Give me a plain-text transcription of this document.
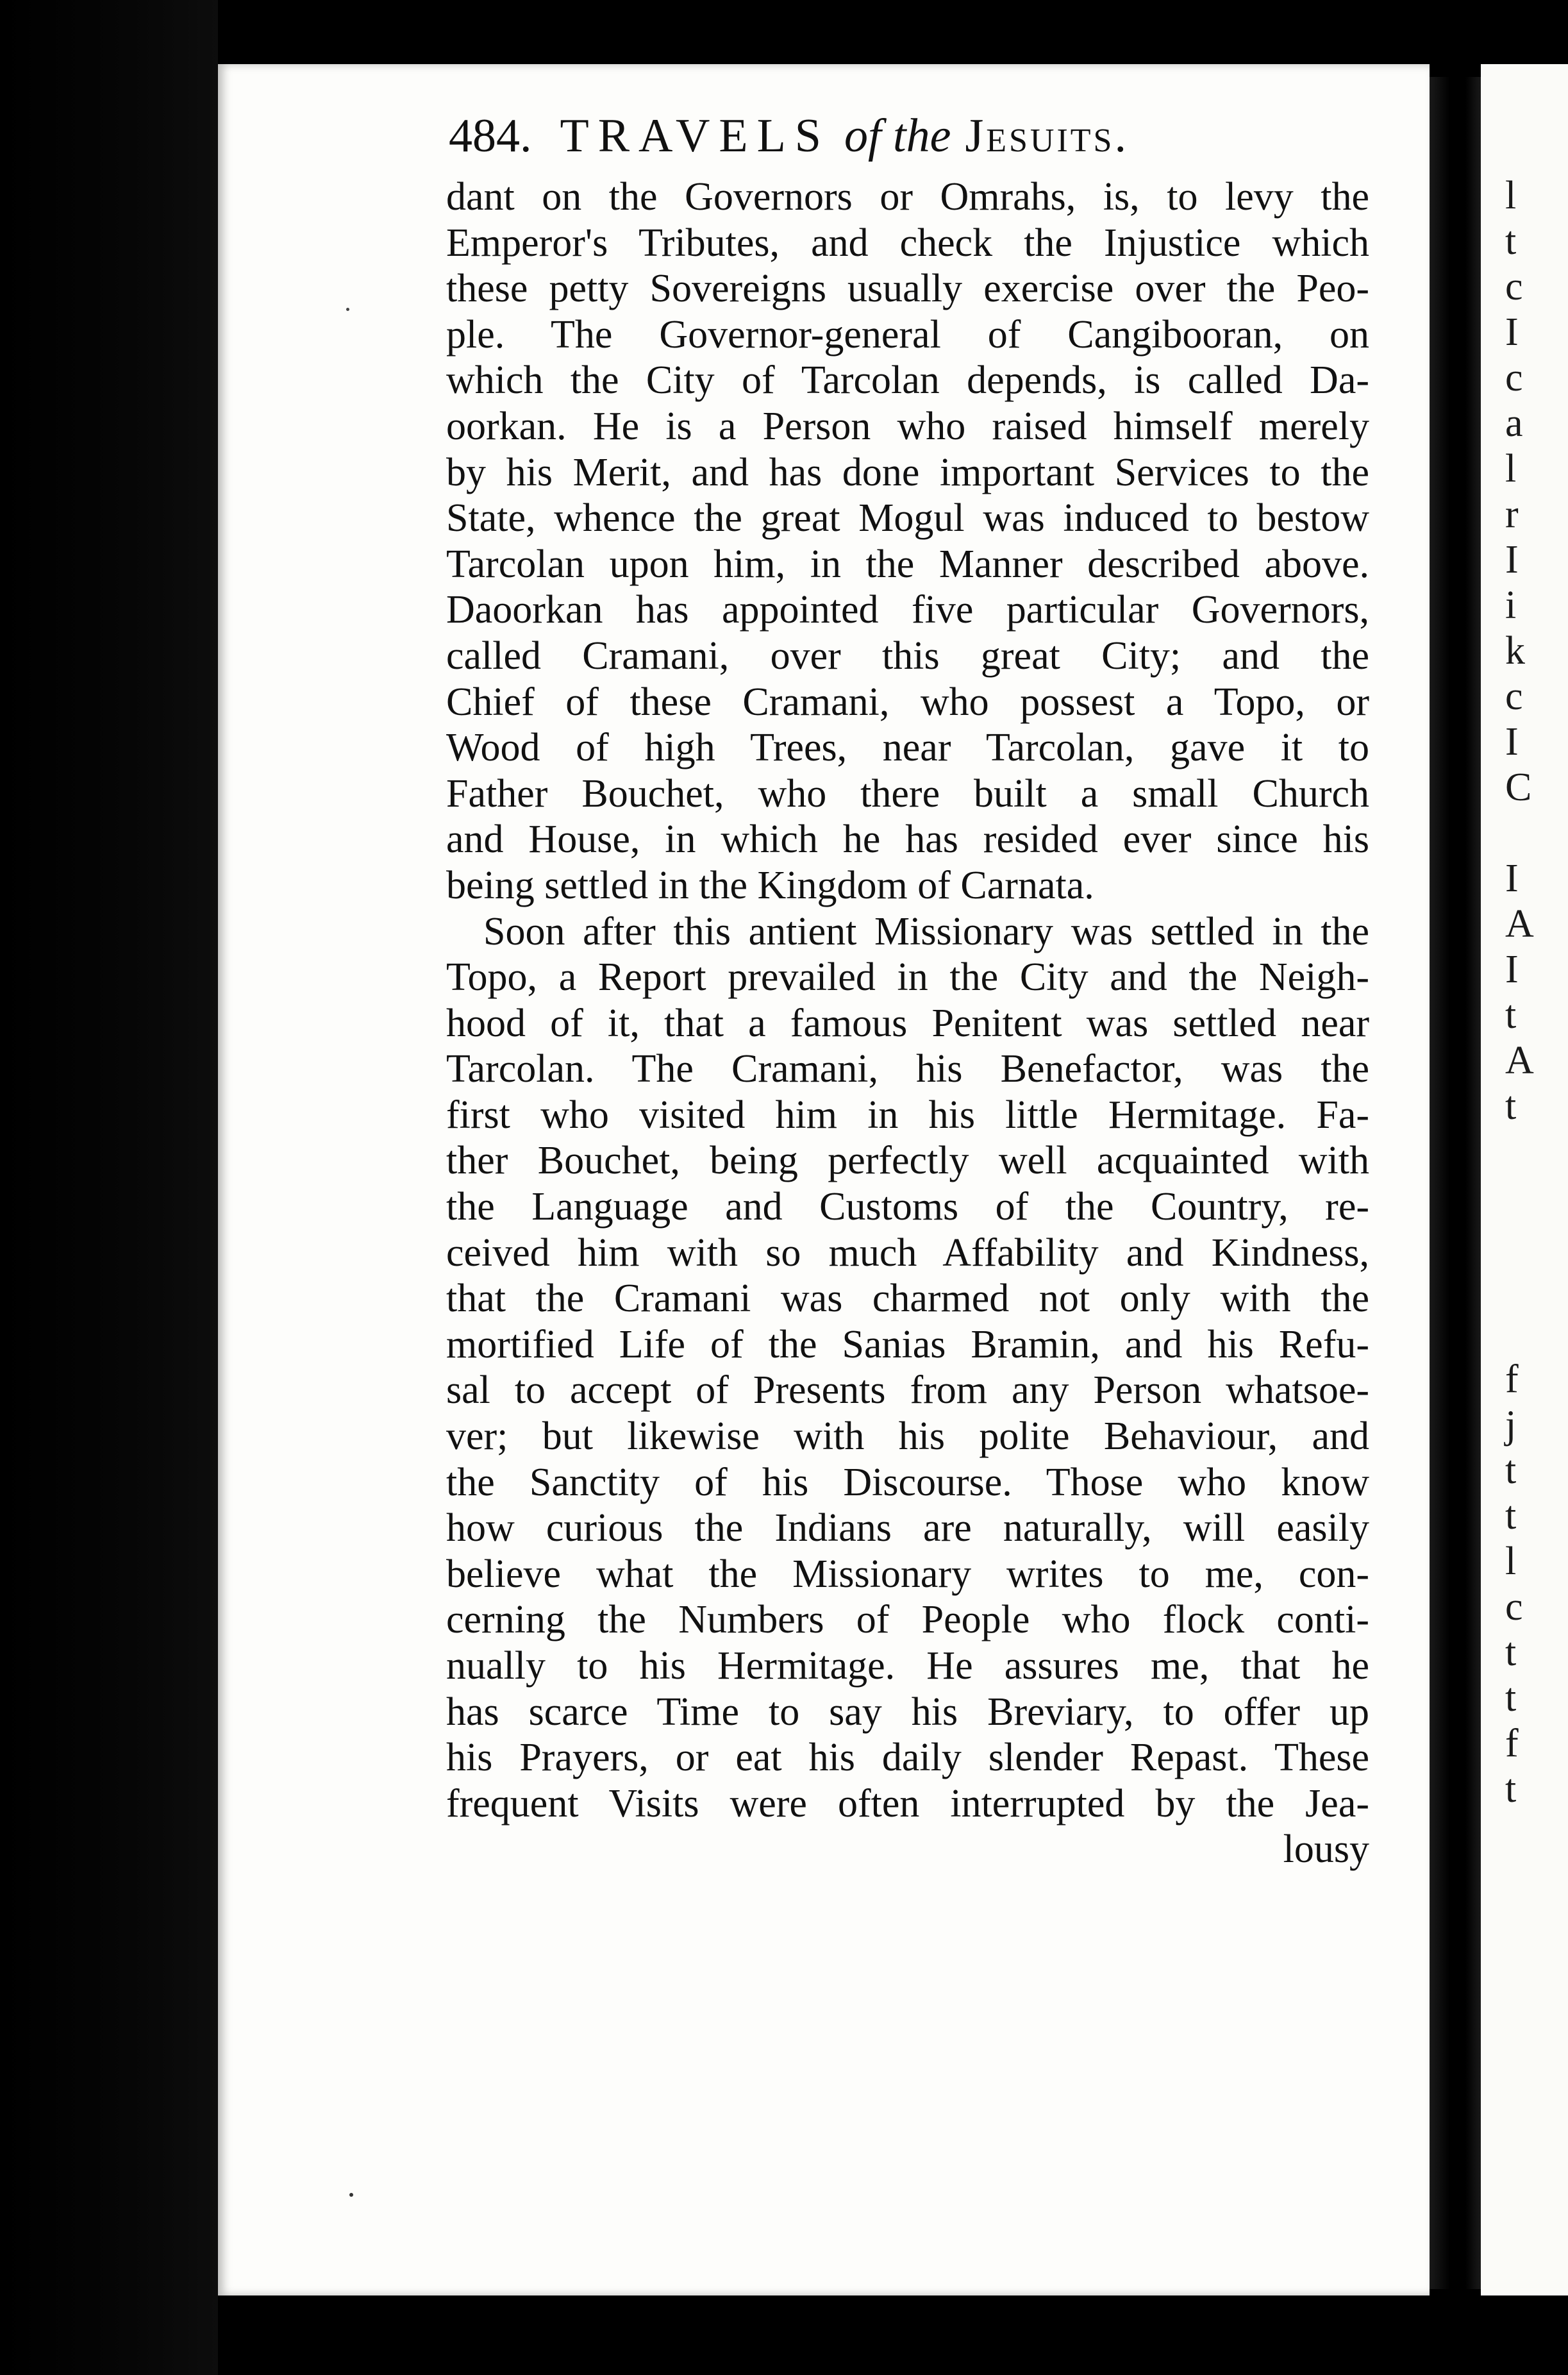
484. TRAVELS of the Jesuits.
dant on the Governors or Omrahs, is, to levy the
Emperor's Tributes, and check the Injustice which
these petty Sovereigns usually exercise over the Peo-
ple. The Governor-general of Cangibooran, on
which the City of Tarcolan depends, is called Da-
oorkan. He is a Person who raised himself merely
by his Merit, and has done important Services to the
State, whence the great Mogul was induced to bestow
Tarcolan upon him, in the Manner described above.
Daoorkan has appointed five particular Governors,
called Cramani, over this great City; and the
Chief of these Cramani, who possest a Topo, or
Wood of high Trees, near Tarcolan, gave it to
Father Bouchet, who there built a small Church
and House, in which he has resided ever since his
being settled in the Kingdom of Carnata.
Soon after this antient Missionary was settled in the
Topo, a Report prevailed in the City and the Neigh-
hood of it, that a famous Penitent was settled near
Tarcolan. The Cramani, his Benefactor, was the
first who visited him in his little Hermitage. Fa-
ther Bouchet, being perfectly well acquainted with
the Language and Customs of the Country, re-
ceived him with so much Affability and Kindness,
that the Cramani was charmed not only with the
mortified Life of the Sanias Bramin, and his Refu-
sal to accept of Presents from any Person whatsoe-
ver; but likewise with his polite Behaviour, and
the Sanctity of his Discourse. Those who know
how curious the Indians are naturally, will easily
believe what the Missionary writes to me, con-
cerning the Numbers of People who flock conti-
nually to his Hermitage. He assures me, that he
has scarce Time to say his Breviary, to offer up
his Prayers, or eat his daily slender Repast. These
frequent Visits were often interrupted by the Jea-
lousy
l
t
c
I
c
a
l
r
I
i
k
c
I
C

I
A
I
t
A
t

f
j
t
t
l
c
t
t
f
t
